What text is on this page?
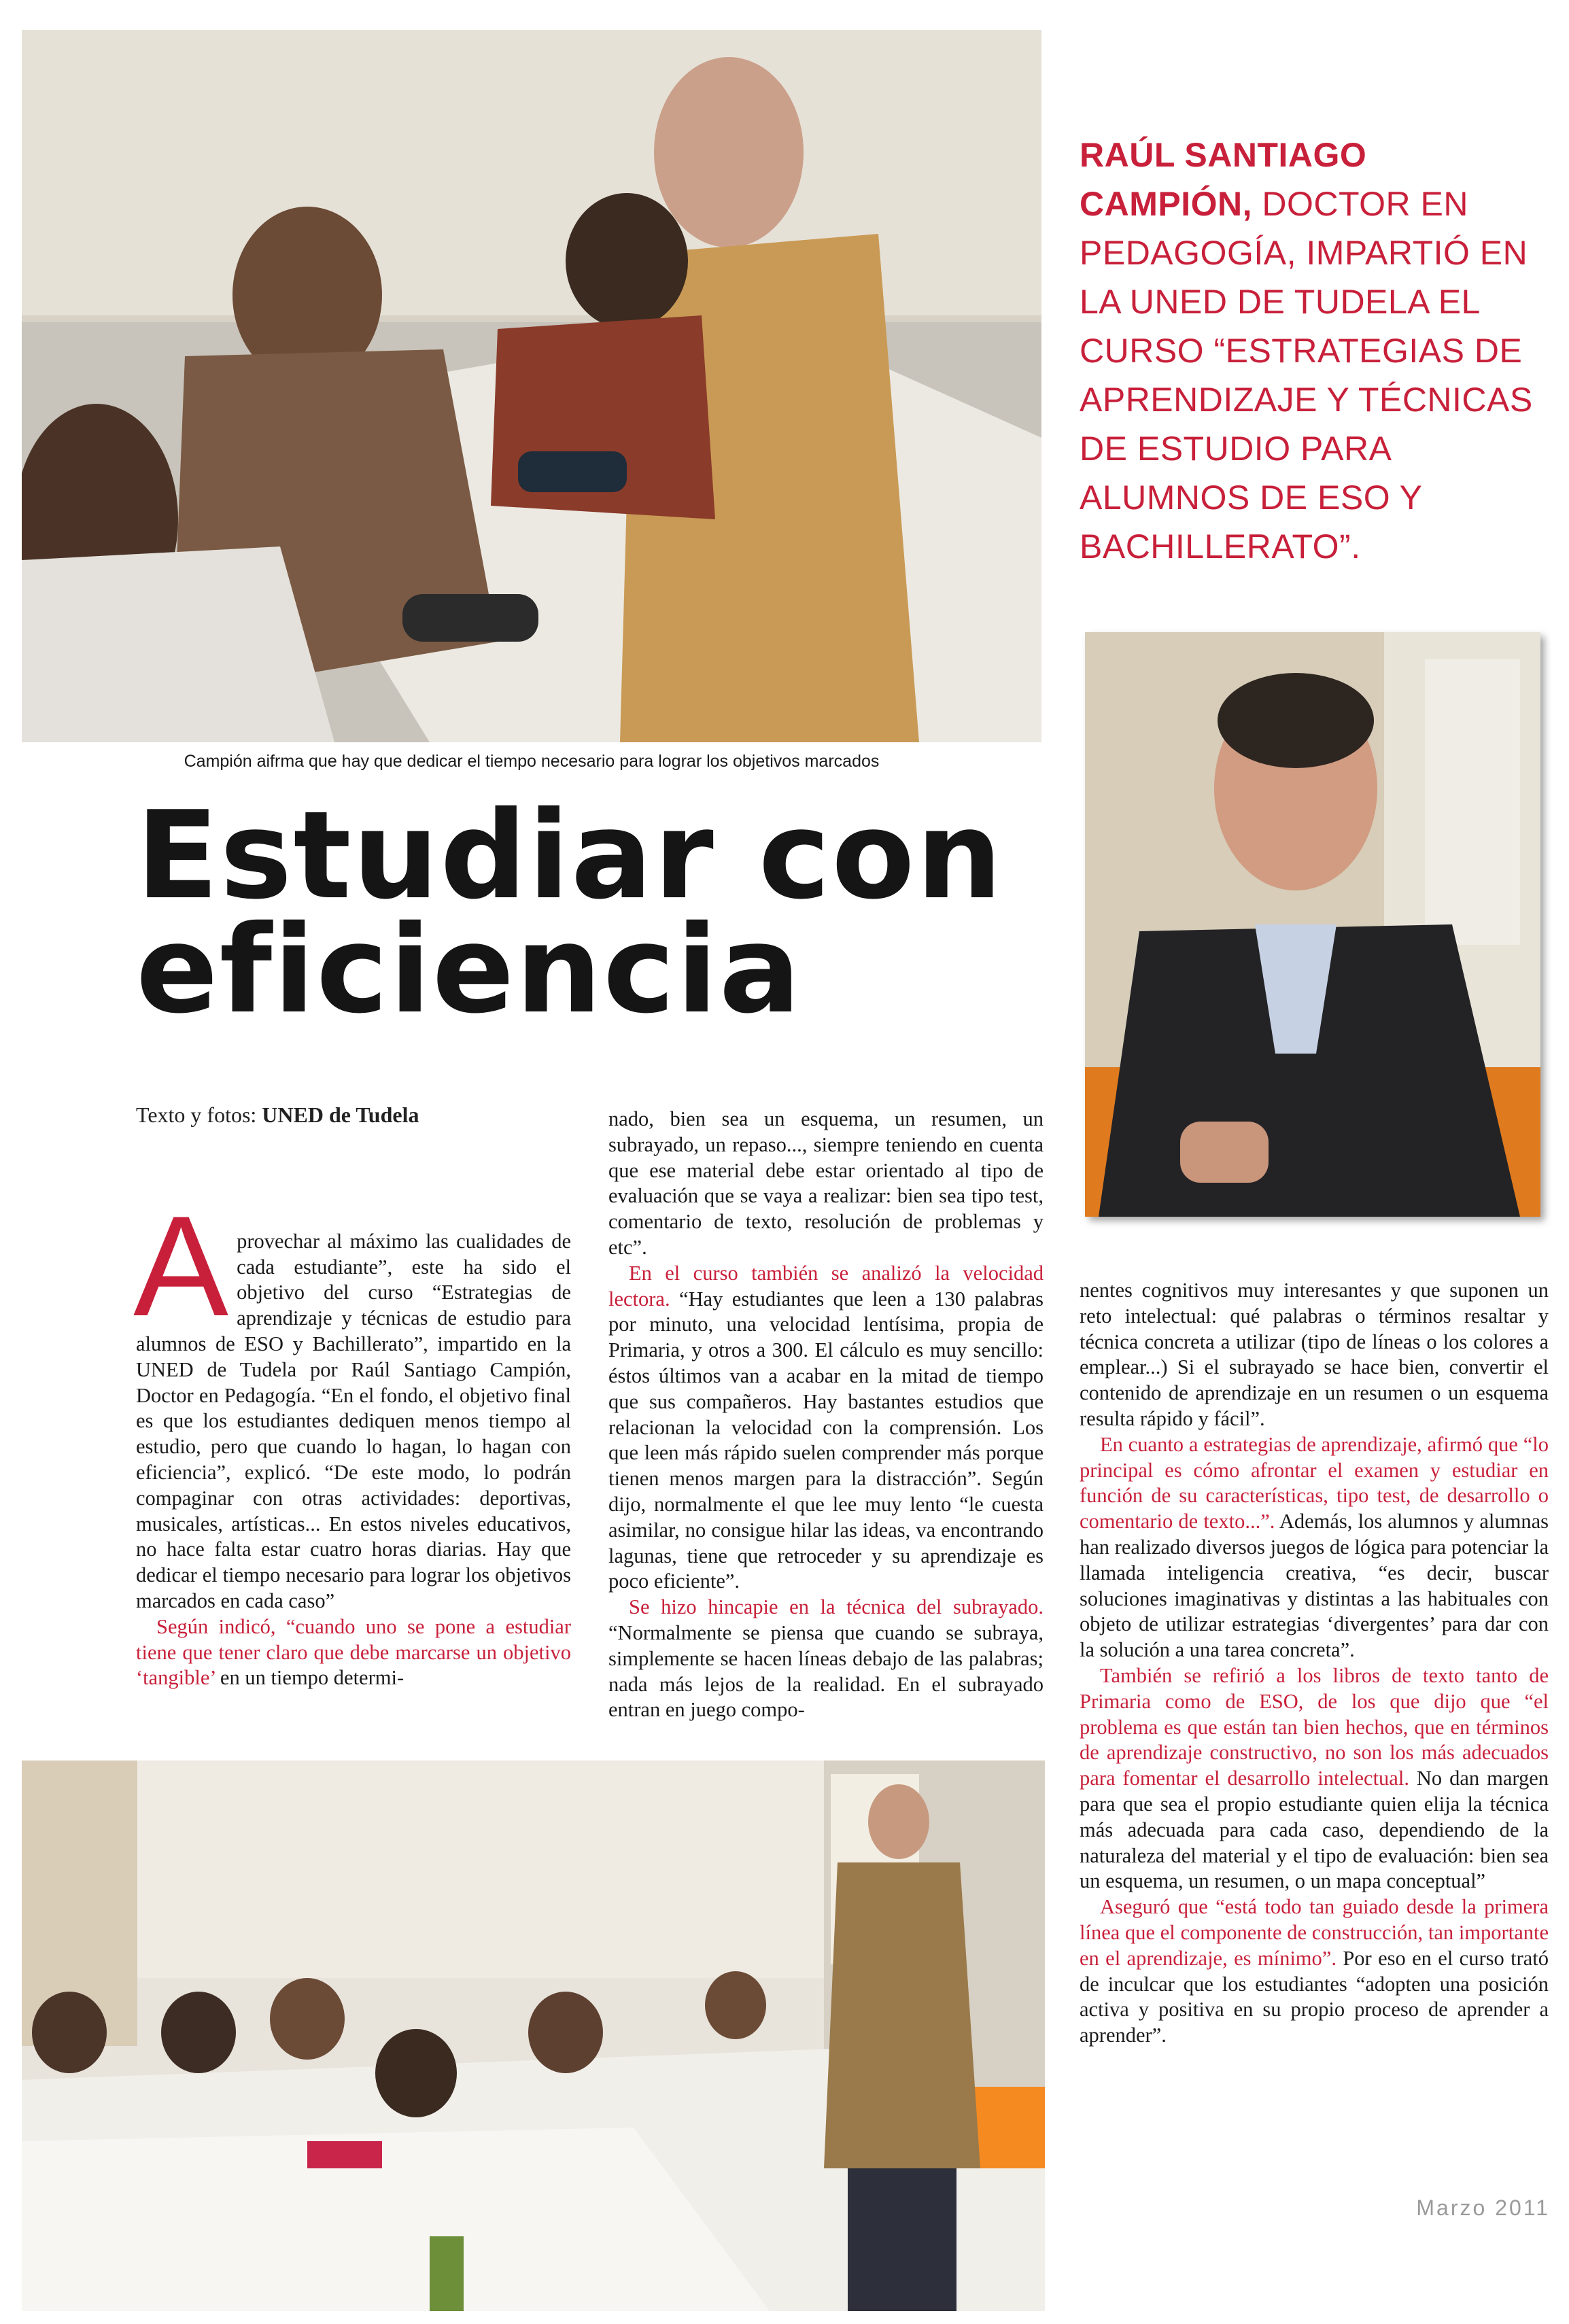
RAÚL SANTIAGO CAMPIÓN, DOCTOR EN PEDAGOGÍA, IMPARTIÓ EN LA UNED DE TUDELA EL CURSO “ESTRATEGIAS DE APRENDIZAJE Y TÉCNICAS DE ESTUDIO PARA ALUMNOS DE ESO Y BACHILLERATO”.
Campión aifrma que hay que dedicar el tiempo necesario para lograr los objetivos marcados
Estudiar con
eficiencia
Texto y fotos: UNED de Tudela

Aprovechar al máximo las cualidades de cada estudiante”, este ha sido el objetivo del curso “Estrategias de aprendizaje y técnicas de estudio para alumnos de ESO y Bachillerato”, impartido en la UNED de Tudela por Raúl Santiago Campión, Doctor en Pedagogía. “En el fondo, el objetivo final es que los estudiantes dediquen menos tiempo al estudio, pero que cuando lo hagan, lo hagan con eficiencia”, explicó. “De este modo, lo podrán compaginar con otras actividades: deportivas, musicales, artísticas... En estos niveles educativos, no hace falta estar cuatro horas diarias. Hay que dedicar el tiempo necesario para lograr los objetivos marcados en cada caso”

Según indicó, “cuando uno se pone a estudiar tiene que tener claro que debe marcarse un objetivo ‘tangible’ en un tiempo determi-

nado, bien sea un esquema, un resumen, un subrayado, un repaso..., siempre teniendo en cuenta que ese material debe estar orientado al tipo de evaluación que se vaya a realizar: bien sea tipo test, comentario de texto, resolución de problemas y etc”.

En el curso también se analizó la velocidad lectora. “Hay estudiantes que leen a 130 palabras por minuto, una velocidad lentísima, propia de Primaria, y otros a 300. El cálculo es muy sencillo: éstos últimos van a acabar en la mitad de tiempo que sus compañeros. Hay bastantes estudios que relacionan la velocidad con la comprensión. Los que leen más rápido suelen comprender más porque tienen menos margen para la distracción”. Según dijo, normalmente el que lee muy lento “le cuesta asimilar, no consigue hilar las ideas, va encontrando lagunas, tiene que retroceder y su aprendizaje es poco eficiente”.

Se hizo hincapie en la técnica del subrayado. “Normalmente se piensa que cuando se subraya, simplemente se hacen líneas debajo de las palabras; nada más lejos de la realidad. En el subrayado entran en juego compo-

nentes cognitivos muy interesantes y que suponen un reto intelectual: qué palabras o términos resaltar y técnica concreta a utilizar (tipo de líneas o los colores a emplear...) Si el subrayado se hace bien, convertir el contenido de aprendizaje en un resumen o un esquema resulta rápido y fácil”.

En cuanto a estrategias de aprendizaje, afirmó que “lo principal es cómo afrontar el examen y estudiar en función de su características, tipo test, de desarrollo o comentario de texto...”. Además, los alumnos y alumnas han realizado diversos juegos de lógica para potenciar la llamada inteligencia creativa, “es decir, buscar soluciones imaginativas y distintas a las habituales con objeto de utilizar estrategias ‘divergentes’ para dar con la solución a una tarea concreta”.

También se refirió a los libros de texto tanto de Primaria como de ESO, de los que dijo que “el problema es que están tan bien hechos, que en términos de aprendizaje constructivo, no son los más adecuados para fomentar el desarrollo intelectual. No dan margen para que sea el propio estudiante quien elija la técnica más adecuada para cada caso, dependiendo de la naturaleza del material y el tipo de evaluación: bien sea un esquema, un resumen, o un mapa conceptual”

Aseguró que “está todo tan guiado desde la primera línea que el componente de construcción, tan importante en el aprendizaje, es mínimo”. Por eso en el curso trató de inculcar que los estudiantes “adopten una posición activa y positiva en su propio proceso de aprender a aprender”.

Marzo 2011
